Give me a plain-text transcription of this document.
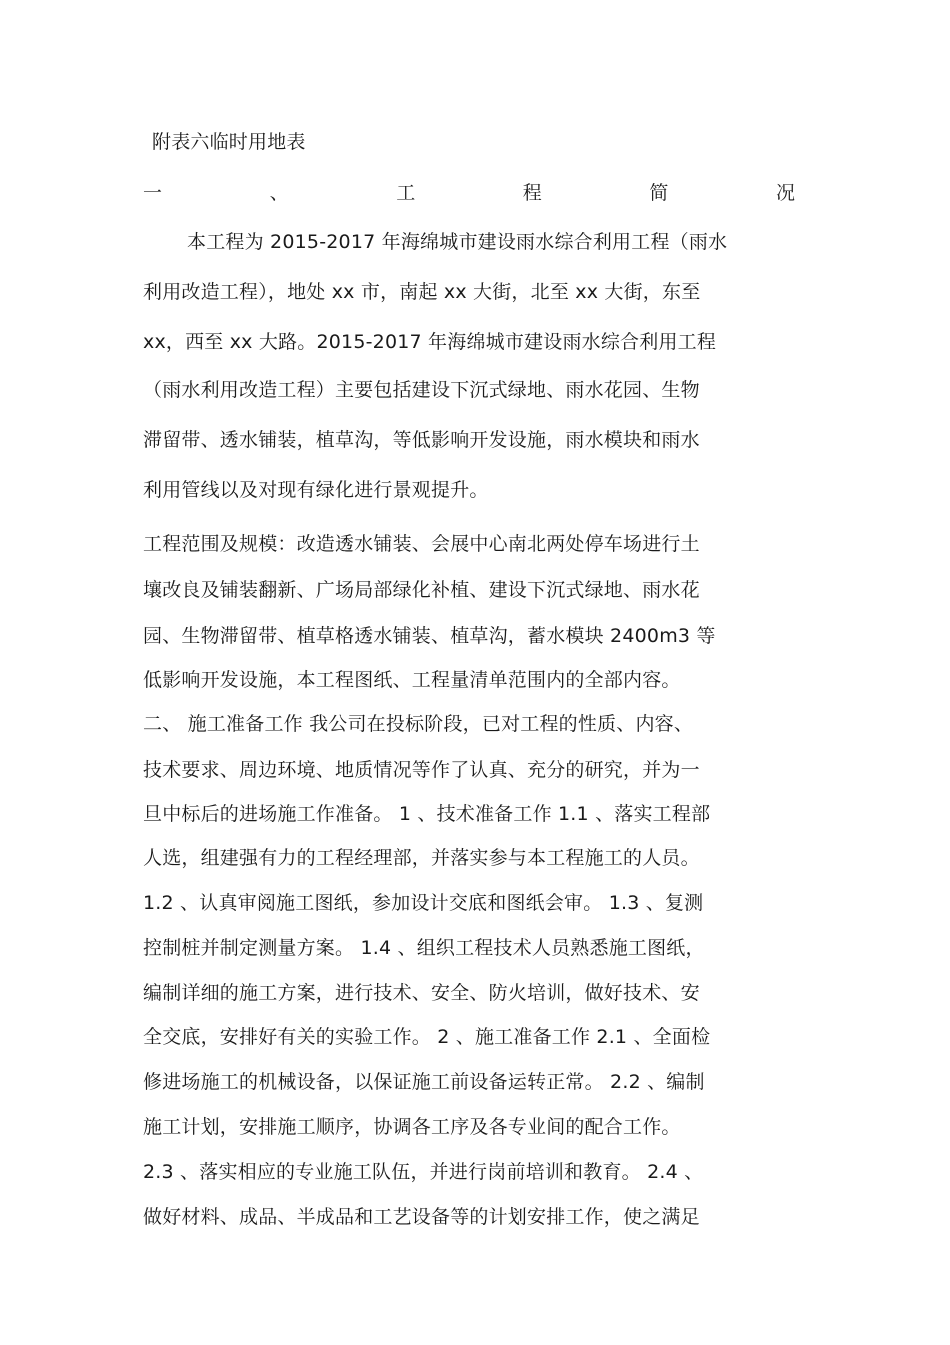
附表六临时用地表
一	、	工	程	简	况
本工程为 2015-2017 年海绵城市建设雨水综合利用工程（雨水
利用改造工程），地处 xx 市，南起 xx 大街，北至 xx 大街，东至
xx，西至 xx 大路。2015-2017 年海绵城市建设雨水综合利用工程
（雨水利用改造工程）主要包括建设下沉式绿地、雨水花园、生物
滞留带、透水铺装，植草沟，等低影响开发设施，雨水模块和雨水
利用管线以及对现有绿化进行景观提升。
工程范围及规模：改造透水铺装、会展中心南北两处停车场进行土
壤改良及铺装翻新、广场局部绿化补植、建设下沉式绿地、雨水花
园、生物滞留带、植草格透水铺装、植草沟，蓄水模块 2400m3 等
低影响开发设施，本工程图纸、工程量清单范围内的全部内容。
二、 施工准备工作 我公司在投标阶段，已对工程的性质、内容、
技术要求、周边环境、地质情况等作了认真、充分的研究，并为一
旦中标后的进场施工作准备。 1 、技术准备工作 1.1 、落实工程部
人选，组建强有力的工程经理部，并落实参与本工程施工的人员。
1.2 、认真审阅施工图纸，参加设计交底和图纸会审。 1.3 、复测
控制桩并制定测量方案。 1.4 、组织工程技术人员熟悉施工图纸，
编制详细的施工方案，进行技术、安全、防火培训，做好技术、安
全交底，安排好有关的实验工作。 2 、施工准备工作 2.1 、全面检
修进场施工的机械设备，以保证施工前设备运转正常。 2.2 、编制
施工计划，安排施工顺序，协调各工序及各专业间的配合工作。
2.3 、落实相应的专业施工队伍，并进行岗前培训和教育。 2.4 、
做好材料、成品、半成品和工艺设备等的计划安排工作，使之满足
